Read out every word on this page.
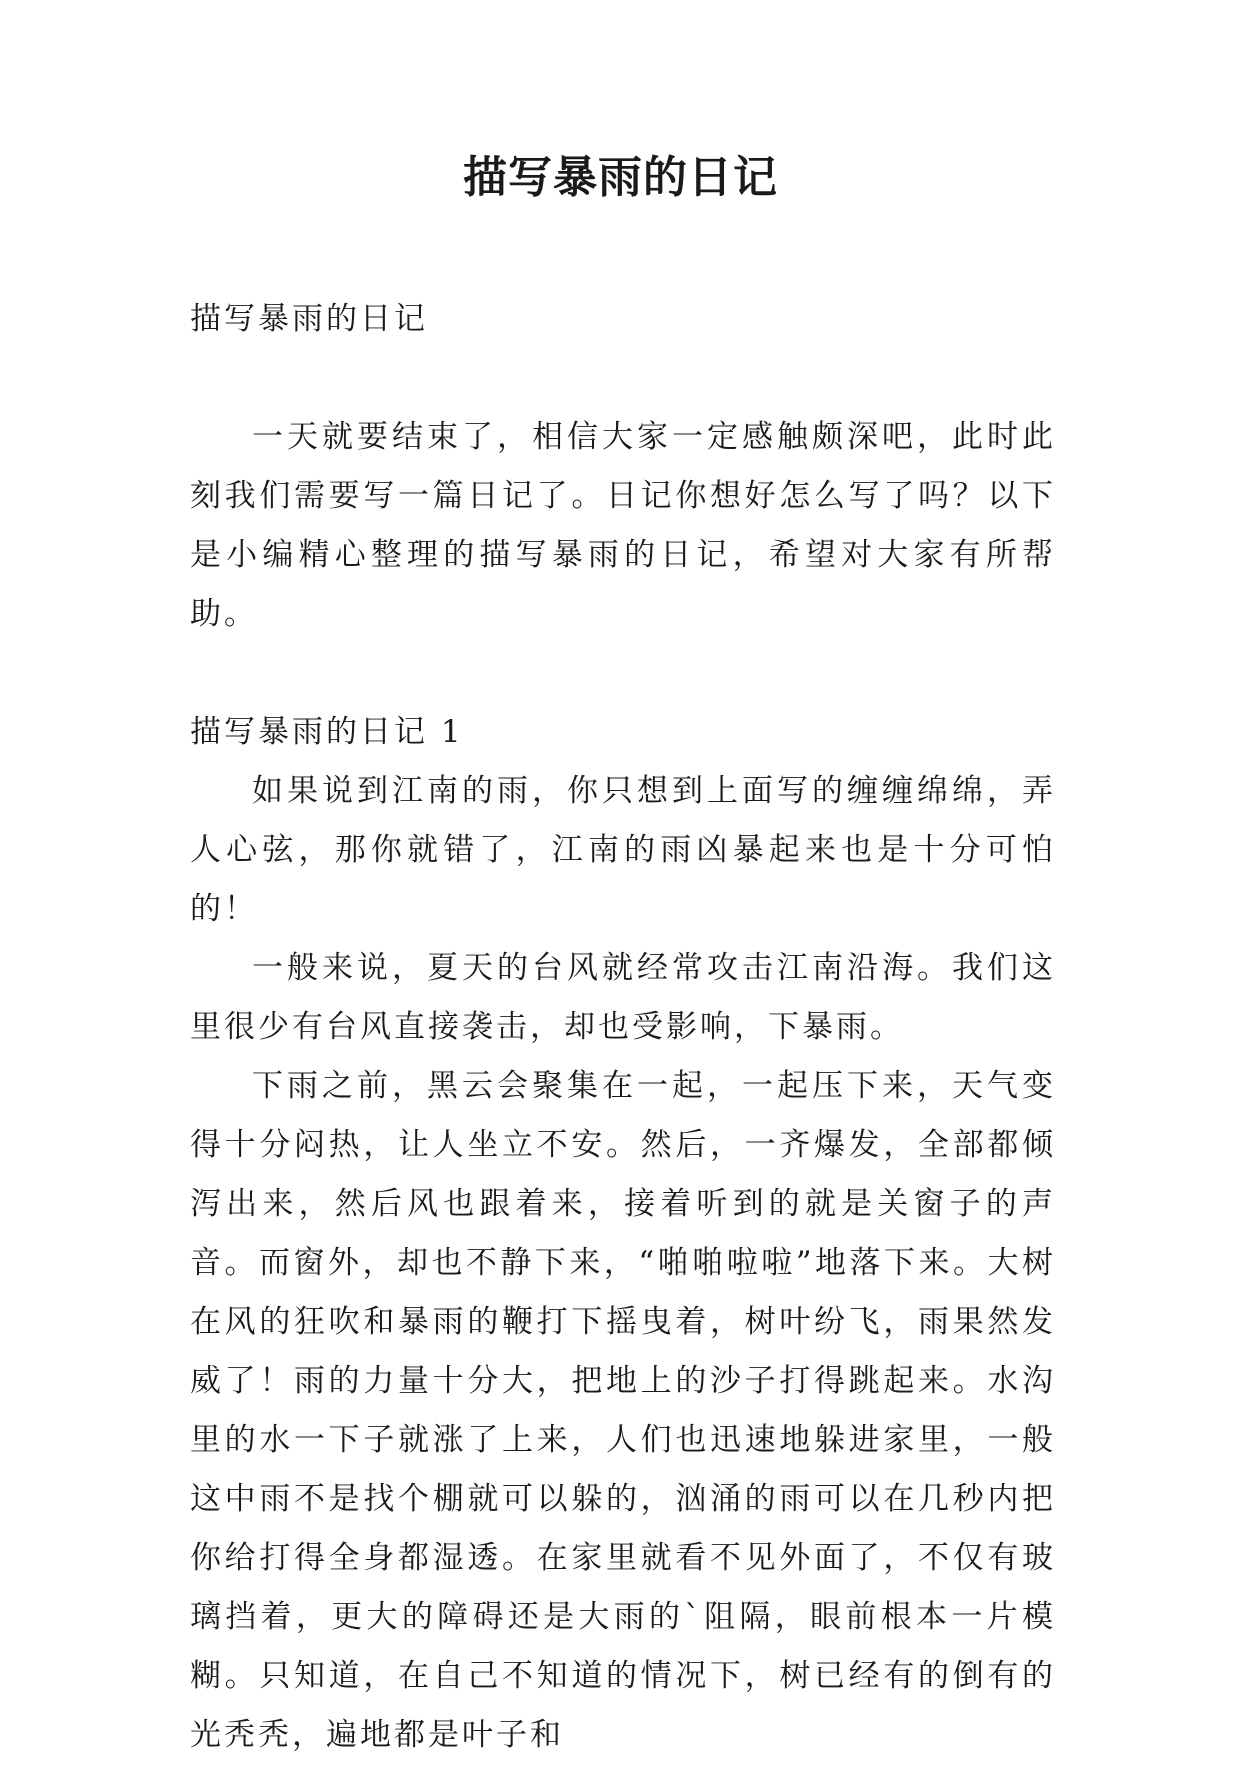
描写暴雨的日记

描写暴雨的日记

一天就要结束了，相信大家一定感触颇深吧，此时此刻我们需要写一篇日记了。日记你想好怎么写了吗？以下是小编精心整理的描写暴雨的日记，希望对大家有所帮助。

描写暴雨的日记 1

如果说到江南的雨，你只想到上面写的缠缠绵绵，弄人心弦，那你就错了，江南的雨凶暴起来也是十分可怕的！

一般来说，夏天的台风就经常攻击江南沿海。我们这里很少有台风直接袭击，却也受影响，下暴雨。

下雨之前，黑云会聚集在一起，一起压下来，天气变得十分闷热，让人坐立不安。然后，一齐爆发，全部都倾泻出来，然后风也跟着来，接着听到的就是关窗子的声音。而窗外，却也不静下来，“啪啪啦啦”地落下来。大树在风的狂吹和暴雨的鞭打下摇曳着，树叶纷飞，雨果然发威了！雨的力量十分大，把地上的沙子打得跳起来。水沟里的水一下子就涨了上来，人们也迅速地躲进家里，一般这中雨不是找个棚就可以躲的，汹涌的雨可以在几秒内把你给打得全身都湿透。在家里就看不见外面了，不仅有玻璃挡着，更大的障碍还是大雨的`阻隔，眼前根本一片模糊。只知道，在自己不知道的情况下，树已经有的倒有的光秃秃，遍地都是叶子和
